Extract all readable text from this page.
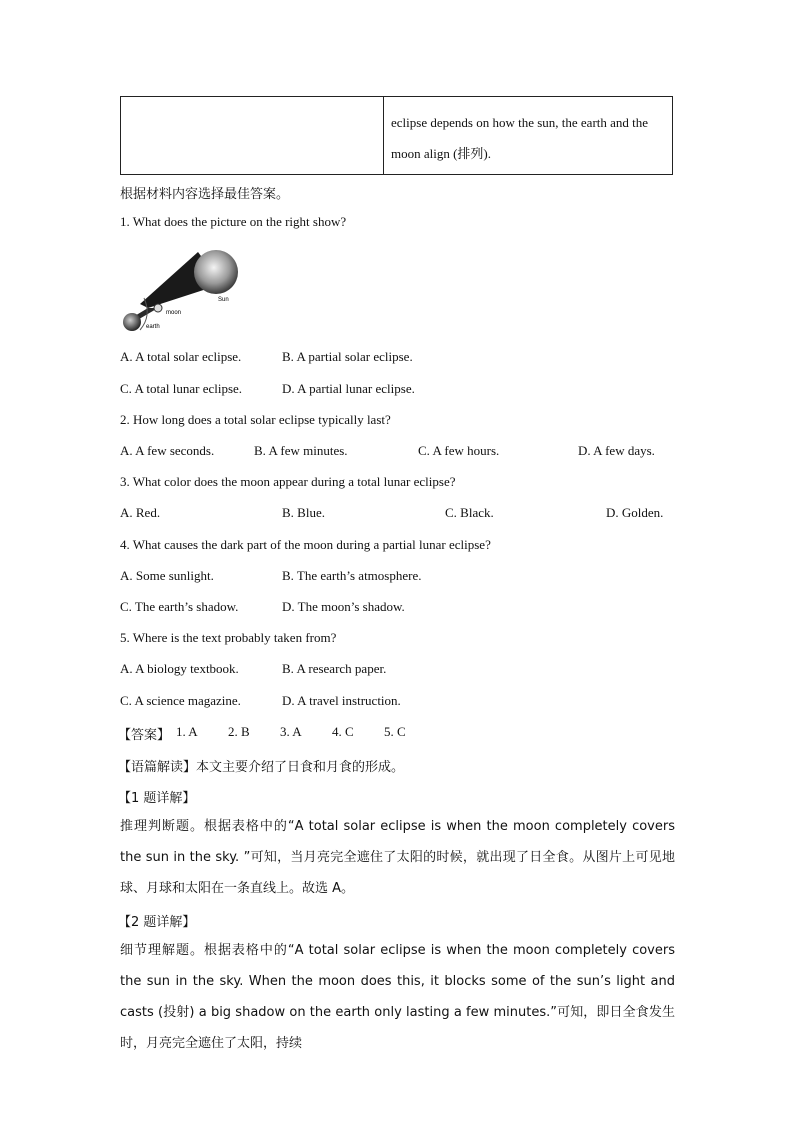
eclipse depends on how the sun, the earth and the moon align (排列).
根据材料内容选择最佳答案。
1. What does the picture on the right show?
Sun
moon
earth
A. A total solar eclipse.	B. A partial solar eclipse.
C. A total lunar eclipse.	D. A partial lunar eclipse.
2. How long does a total solar eclipse typically last?
A. A few seconds.	B. A few minutes.	C. A few hours.	D. A few days.
3. What color does the moon appear during a total lunar eclipse?
A. Red.	B. Blue.	C. Black.	D. Golden.
4. What causes the dark part of the moon during a partial lunar eclipse?
A. Some sunlight.	B. The earth’s atmosphere.
C. The earth’s shadow.	D. The moon’s shadow.
5. Where is the text probably taken from?
A. A biology textbook.	B. A research paper.
C. A science magazine.	D. A travel instruction.
【答案】 1. A 2. B 3. A 4. C 5. C
【语篇解读】本文主要介绍了日食和月食的形成。
【1 题详解】
推理判断题。根据表格中的“A total solar eclipse is when the moon completely covers the sun in the sky. ”可知，当月亮完全遮住了太阳的时候，就出现了日全食。从图片上可见地球、月球和太阳在一条直线上。故选 A。
【2 题详解】
细节理解题。根据表格中的“A total solar eclipse is when the moon completely covers the sun in the sky. When the moon does this, it blocks some of the sun’s light and casts (投射) a big shadow on the earth only lasting a few minutes.”可知，即日全食发生时，月亮完全遮住了太阳，持续
